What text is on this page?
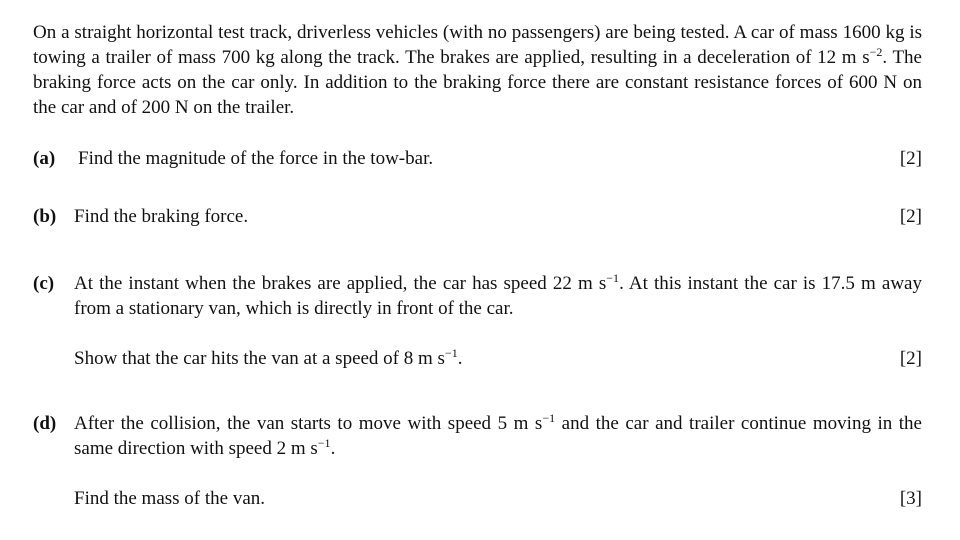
On a straight horizontal test track, driverless vehicles (with no passengers) are being tested. A car of mass 1600 kg is towing a trailer of mass 700 kg along the track. The brakes are applied, resulting in a deceleration of 12 m $s^{-2}$. The braking force acts on the car only. In addition to the braking force there are constant resistance forces of 600 N on the car and of 200 N on the trailer.
(a) Find the magnitude of the force in the tow-bar.	[2]
(b) Find the braking force.	[2]
(c) At the instant when the brakes are applied, the car has speed 22 m $s^{-1}$. At this instant the car is 17.5 m away from a stationary van, which is directly in front of the car.
Show that the car hits the van at a speed of 8 m $s^{-1}$.	[2]
(d) After the collision, the van starts to move with speed 5 m $s^{-1}$ and the car and trailer continue moving in the same direction with speed 2 m $s^{-1}$.
Find the mass of the van.	[3]
